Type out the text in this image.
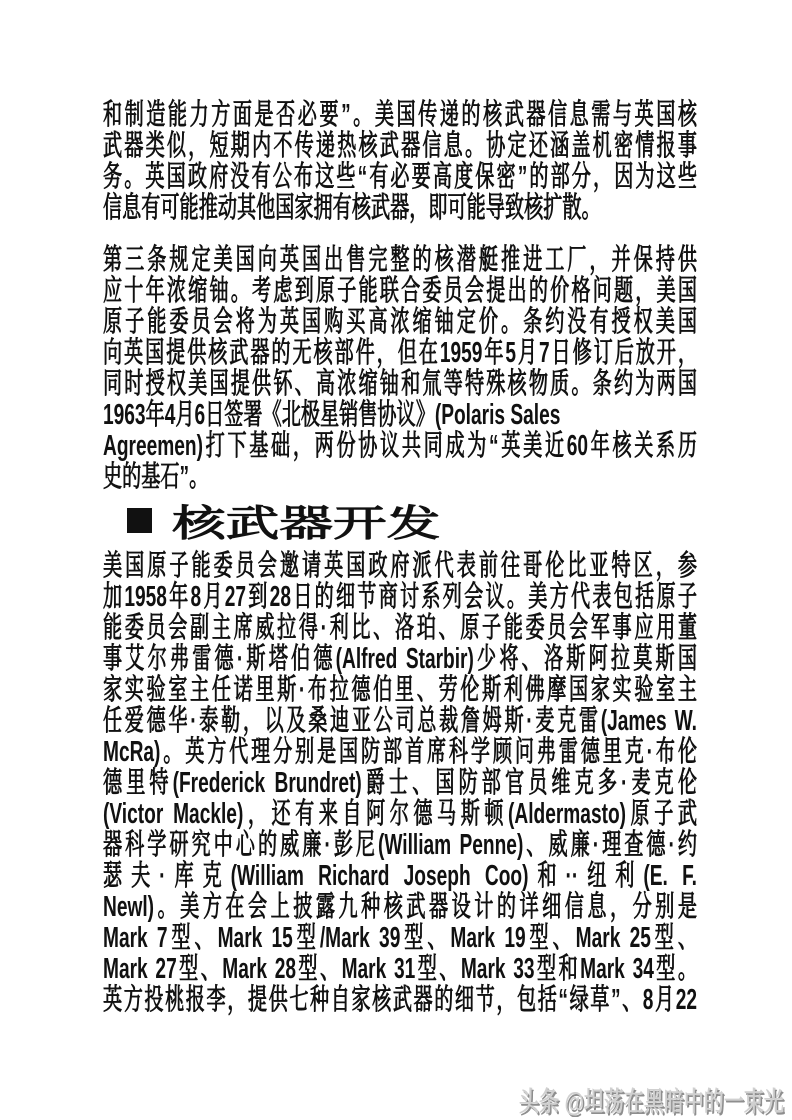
和制造能力方面是否必要”。美国传递的核武器信息需与英国核
武器类似，短期内不传递热核武器信息。协定还涵盖机密情报事
务。英国政府没有公布这些“有必要高度保密”的部分，因为这些
信息有可能推动其他国家拥有核武器，即可能导致核扩散。
第三条规定美国向英国出售完整的核潜艇推进工厂，并保持供
应十年浓缩铀。考虑到原子能联合委员会提出的价格问题，美国
原子能委员会将为英国购买高浓缩铀定价。条约没有授权美国
向英国提供核武器的无核部件，但在1959年5月7日修订后放开，
同时授权美国提供钚、高浓缩铀和氚等特殊核物质。条约为两国
1963年4月6日签署《北极星销售协议》(Polaris Sales
Agreemen)打下基础，两份协议共同成为“英美近60年核关系历
史的基石”。
核武器开发
美国原子能委员会邀请英国政府派代表前往哥伦比亚特区，参
加1958年8月27到28日的细节商讨系列会议。美方代表包括原子
能委员会副主席威拉得·利比、洛珀、原子能委员会军事应用董
事艾尔弗雷德·斯塔伯德(Alfred Starbir)少将、洛斯阿拉莫斯国
家实验室主任诺里斯·布拉德伯里、劳伦斯利佛摩国家实验室主
任爱德华·泰勒，以及桑迪亚公司总裁詹姆斯·麦克雷(James W.
McRa)。英方代理分别是国防部首席科学顾问弗雷德里克·布伦
德里特(Frederick Brundret)爵士、国防部官员维克多·麦克伦
(Victor Mackle)，还有来自阿尔德马斯顿(Aldermasto)原子武
器科学研究中心的威廉·彭尼(William Penne)、威廉·理查德·约
瑟夫·库克(William Richard Joseph Coo)和··纽利(E. F.
Newl)。美方在会上披露九种核武器设计的详细信息，分别是
Mark 7型、Mark 15型/Mark 39型、Mark 19型、Mark 25型、
Mark 27型、Mark 28型、Mark 31型、Mark 33型和Mark 34型。
英方投桃报李，提供七种自家核武器的细节，包括“绿草”、8月22
头条 @坦荡在黑暗中的一束光
